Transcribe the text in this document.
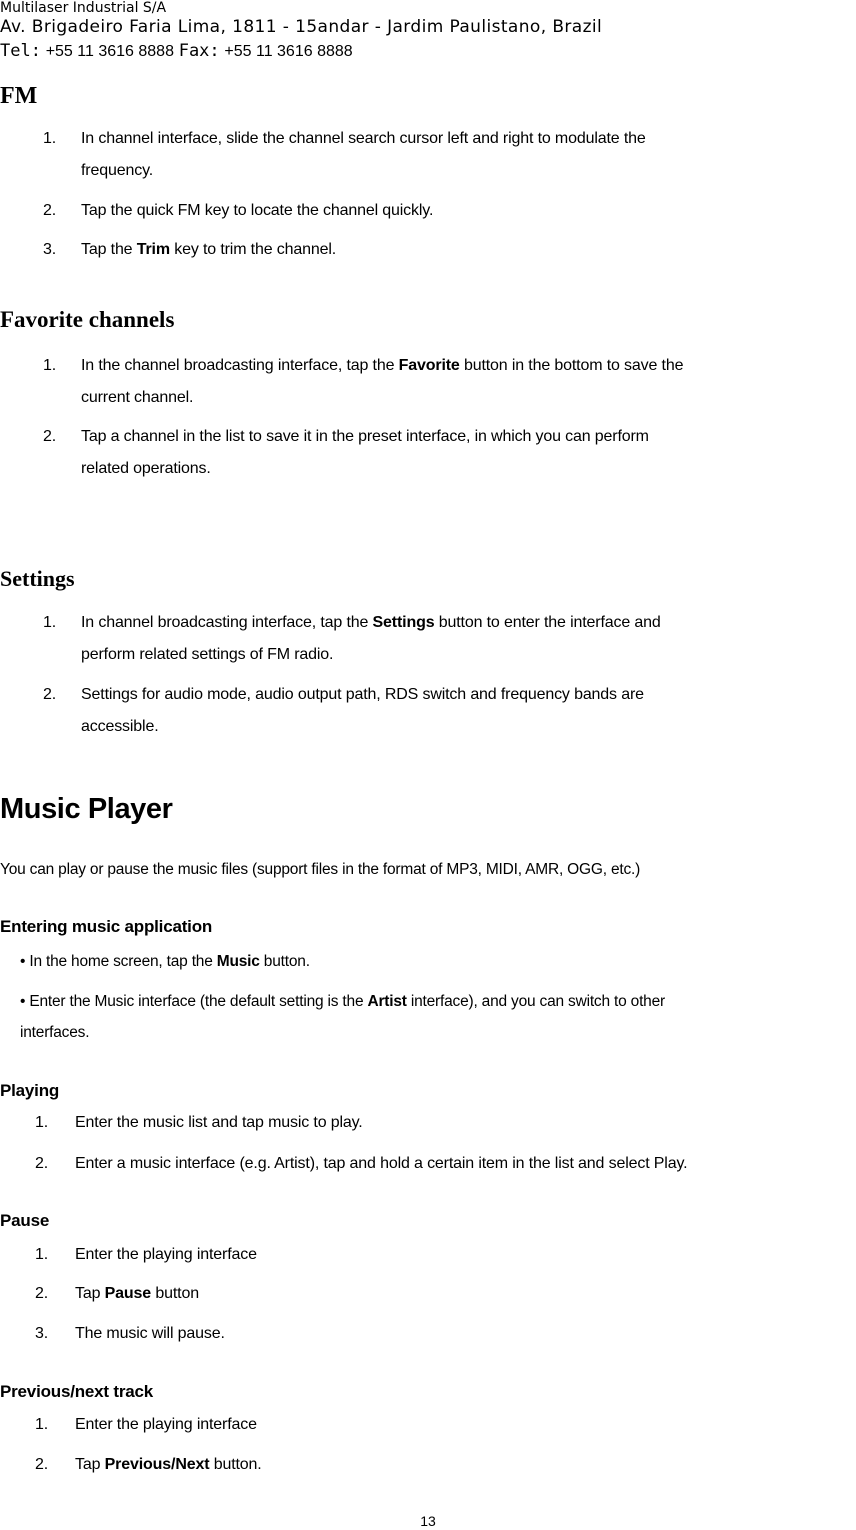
Multilaser Industrial S/A
Av. Brigadeiro Faria Lima, 1811 - 15andar - Jardim Paulistano, Brazil
Tel: +55 11 3616 8888 Fax: +55 11 3616 8888
FM
1. In channel interface, slide the channel search cursor left and right to modulate the
frequency.
2. Tap the quick FM key to locate the channel quickly.
3. Tap the Trim key to trim the channel.
Favorite channels
1. In the channel broadcasting interface, tap the Favorite button in the bottom to save the
current channel.
2. Tap a channel in the list to save it in the preset interface, in which you can perform
related operations.
Settings
1. In channel broadcasting interface, tap the Settings button to enter the interface and
perform related settings of FM radio.
2. Settings for audio mode, audio output path, RDS switch and frequency bands are
accessible.
Music Player
You can play or pause the music files (support files in the format of MP3, MIDI, AMR, OGG, etc.)
Entering music application
• In the home screen, tap the Music button.
• Enter the Music interface (the default setting is the Artist interface), and you can switch to other
interfaces.
Playing
1. Enter the music list and tap music to play.
2. Enter a music interface (e.g. Artist), tap and hold a certain item in the list and select Play.
Pause
1. Enter the playing interface
2. Tap Pause button
3. The music will pause.
Previous/next track
1. Enter the playing interface
2. Tap Previous/Next button.
13
